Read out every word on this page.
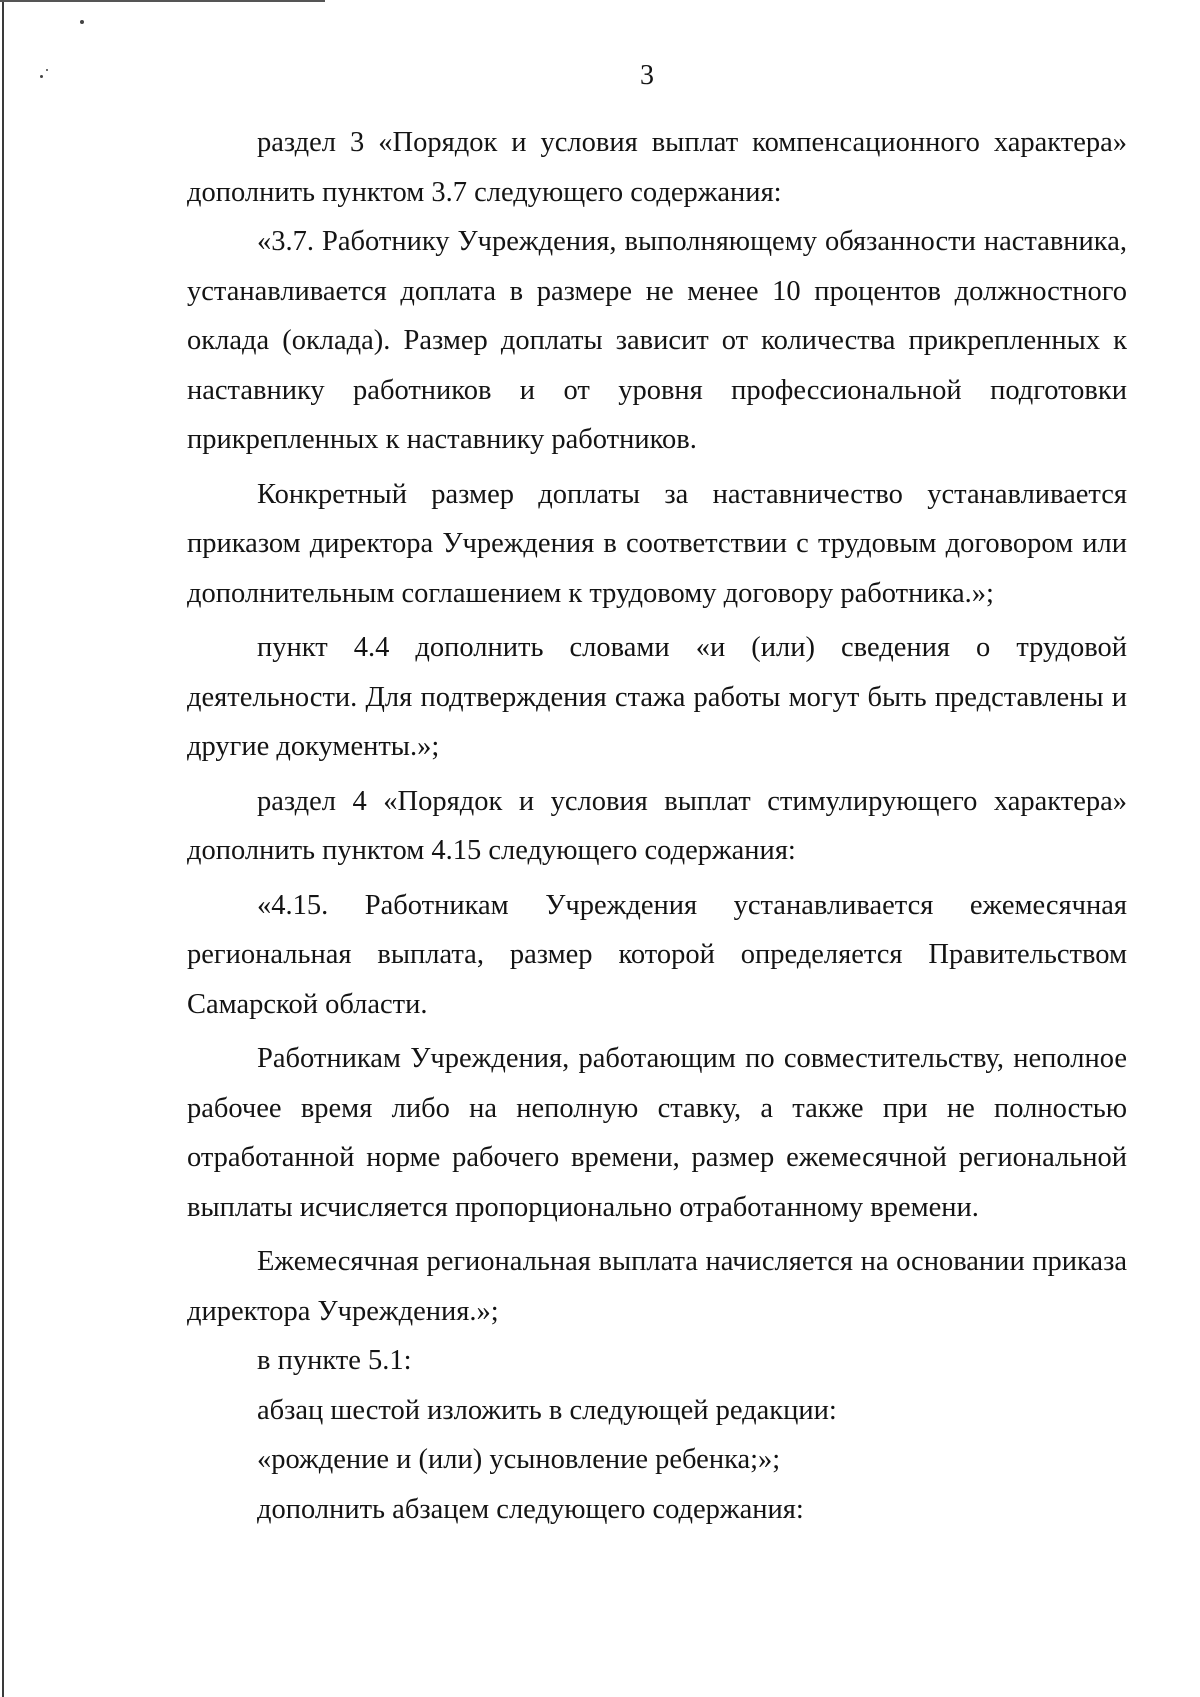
3

раздел 3 «Порядок и условия выплат компенсационного характера» дополнить пунктом 3.7 следующего содержания:

«3.7. Работнику Учреждения, выполняющему обязанности наставника, устанавливается доплата в размере не менее 10 процентов должностного оклада (оклада). Размер доплаты зависит от количества прикрепленных к наставнику работников и от уровня профессиональной подготовки прикрепленных к наставнику работников.

Конкретный размер доплаты за наставничество устанавливается приказом директора Учреждения в соответствии с трудовым договором или дополнительным соглашением к трудовому договору работника.»;

пункт 4.4 дополнить словами «и (или) сведения о трудовой деятельности. Для подтверждения стажа работы могут быть представлены и другие документы.»;

раздел 4 «Порядок и условия выплат стимулирующего характера» дополнить пунктом 4.15 следующего содержания:

«4.15. Работникам Учреждения устанавливается ежемесячная региональная выплата, размер которой определяется Правительством Самарской области.

Работникам Учреждения, работающим по совместительству, неполное рабочее время либо на неполную ставку, а также при не полностью отработанной норме рабочего времени, размер ежемесячной региональной выплаты исчисляется пропорционально отработанному времени.

Ежемесячная региональная выплата начисляется на основании приказа директора Учреждения.»;

в пункте 5.1:

абзац шестой изложить в следующей редакции:

«рождение и (или) усыновление ребенка;»;

дополнить абзацем следующего содержания:
